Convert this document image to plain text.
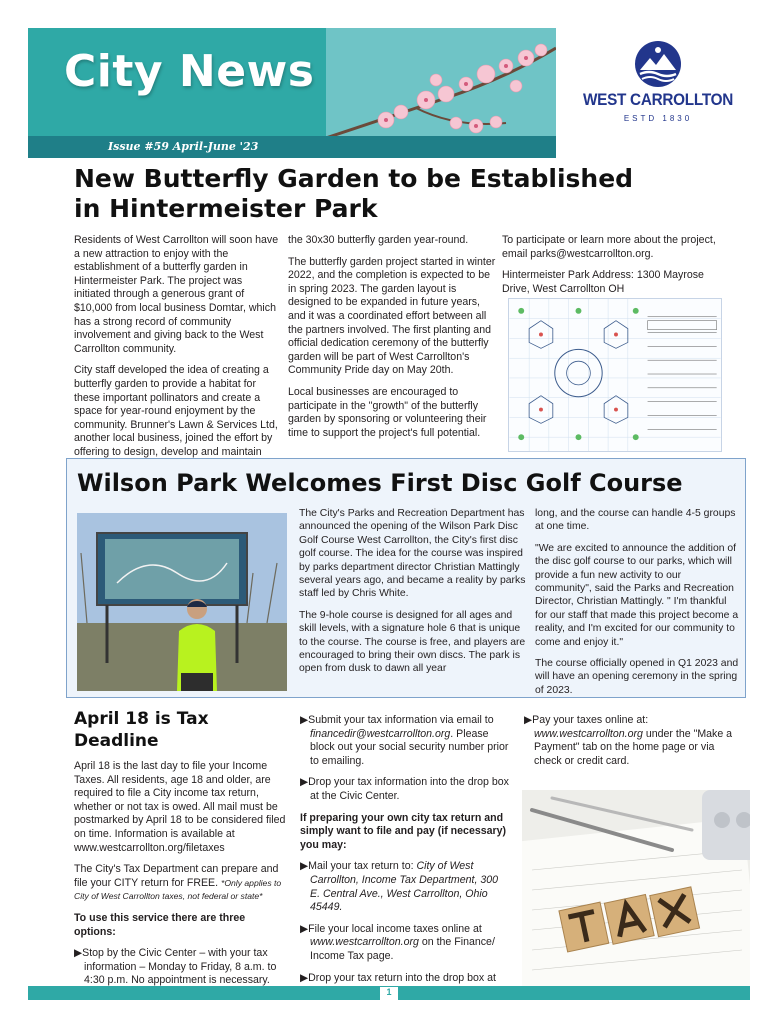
City News
Issue #59 April-June '23
WEST CARROLLTON
ESTD 1830
New Butterfly Garden to be Established
in Hintermeister Park

Residents of West Carrollton will soon have a new attraction to enjoy with the establishment of a butterfly garden in Hintermeister Park. The project was initiated through a generous grant of $10,000 from local business Domtar, which has a strong record of community involvement and giving back to the West Carrollton community.

City staff developed the idea of creating a butterfly garden to provide a habitat for these important pollinators and create a space for year-round enjoyment by the community. Brunner's Lawn & Services Ltd, another local business, joined the effort by offering to design, develop and maintain

the 30x30 butterfly garden year-round.

The butterfly garden project started in winter 2022, and the completion is expected to be in spring 2023. The garden layout is designed to be expanded in future years, and it was a coordinated effort between all the partners involved. The first planting and official dedication ceremony of the butterfly garden will be part of West Carrollton's Community Pride day on May 20th.

Local businesses are encouraged to participate in the "growth" of the butterfly garden by sponsoring or volunteering their time to support the project's full potential.

To participate or learn more about the project, email parks@westcarrollton.org.

Hintermeister Park Address: 1300 Mayrose Drive, West Carrollton OH

Wilson Park Welcomes First Disc Golf Course

The City's Parks and Recreation Department has announced the opening of the Wilson Park Disc Golf Course West Carrollton, the City's first disc golf course. The idea for the course was inspired by parks department director Christian Mattingly several years ago, and became a reality by parks staff led by Chris White.

The 9-hole course is designed for all ages and skill levels, with a signature hole 6 that is unique to the course. The course is free, and players are encouraged to bring their own discs. The park is open from dusk to dawn all year

long, and the course can handle 4-5 groups at one time.

"We are excited to announce the addition of the disc golf course to our parks, which will provide a fun new activity to our community", said the Parks and Recreation Director, Christian Mattingly. " I'm thankful for our staff that made this project become a reality, and I'm excited for our community to come and enjoy it."

The course officially opened in Q1 2023 and will have an opening ceremony in the spring of 2023.

April 18 is Tax
Deadline

April 18 is the last day to file your Income Taxes. All residents, age 18 and older, are required to file a City income tax return, whether or not tax is owed. All mail must be postmarked by April 18 to be considered filed on time. Information is available at www.westcarrollton.org/filetaxes

The City's Tax Department can prepare and file your CITY return for FREE. *Only applies to City of West Carrollton taxes, not federal or state*

To use this service there are three options:

▶Stop by the Civic Center – with your tax information – Monday to Friday, 8 a.m. to 4:30 p.m. No appointment is necessary.

▶Submit your tax information via email to financedir@westcarrollton.org. Please block out your social security number prior to emailing.

▶Drop your tax information into the drop box at the Civic Center.

If preparing your own city tax return and simply want to file and pay (if necessary) you may:

▶Mail your tax return to: City of West Carrollton, Income Tax Department, 300 E. Central Ave., West Carrollton, Ohio 45449.

▶File your local income taxes online at www.westcarrollton.org on the Finance/ Income Tax page.

▶Drop your tax return into the drop box at

▶Pay your taxes online at: www.westcarrollton.org under the "Make a Payment" tab on the home page or via check or credit card.

1
